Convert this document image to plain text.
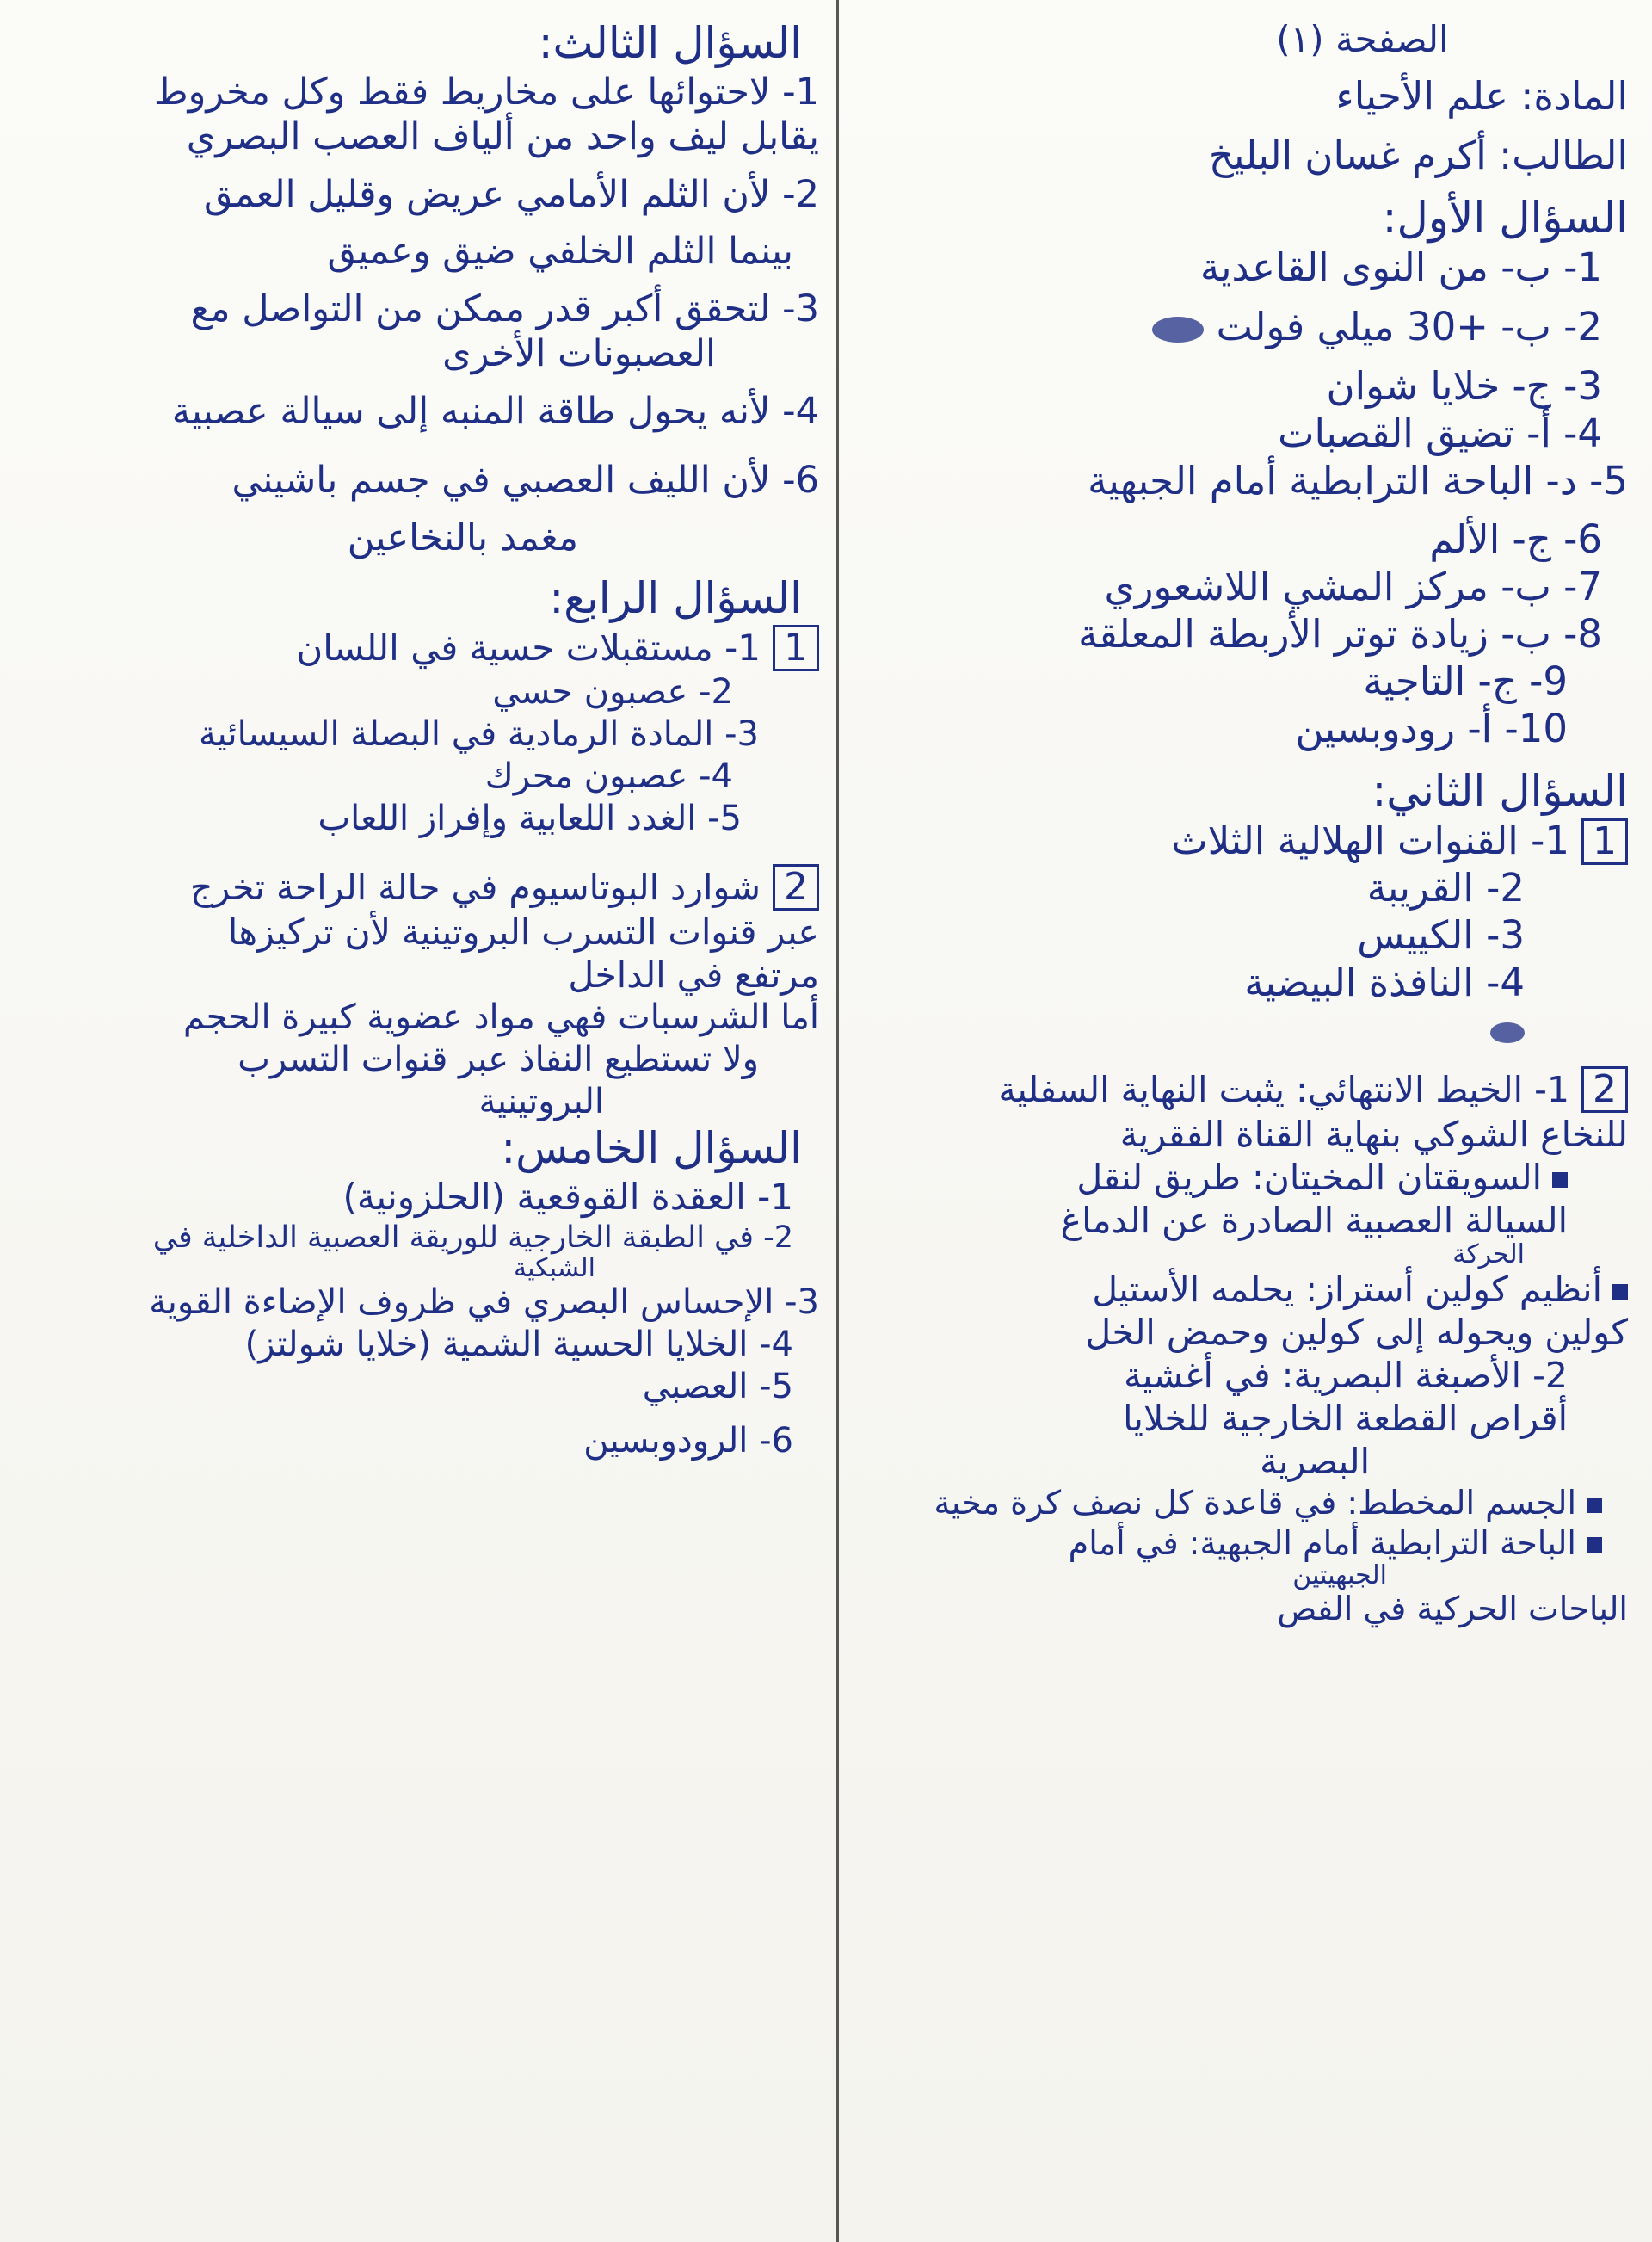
الصفحة (١)
المادة: علم الأحياء
الطالب: أكرم غسان البليخ
السؤال الأول:
1- ب- من النوى القاعدية
2- ب- +30 ميلي فولت
3- ج- خلايا شوان
4- أ- تضيق القصبات
5- د- الباحة الترابطية أمام الجبهية
6- ج- الألم
7- ب- مركز المشي اللاشعوري
8- ب- زيادة توتر الأربطة المعلقة
9- ج- التاجية
10- أ- رودوبسين
السؤال الثاني:
11- القنوات الهلالية الثلاث
2- القريبة
3- الكييس
4- النافذة البيضية
21- الخيط الانتهائي: يثبت النهاية السفلية
للنخاع الشوكي بنهاية القناة الفقرية
السويقتان المخيتان: طريق لنقل
السيالة العصبية الصادرة عن الدماغ
الحركة
أنظيم كولين أستراز: يحلمه الأستيل
كولين ويحوله إلى كولين وحمض الخل
2- الأصبغة البصرية: في أغشية
أقراص القطعة الخارجية للخلايا
البصرية
الجسم المخطط: في قاعدة كل نصف كرة مخية
الباحة الترابطية أمام الجبهية: في أمام
الجبهيتين
الباحات الحركية في الفص
السؤال الثالث:
1- لاحتوائها على مخاريط فقط وكل مخروط
يقابل ليف واحد من ألياف العصب البصري
2- لأن الثلم الأمامي عريض وقليل العمق
بينما الثلم الخلفي ضيق وعميق
3- لتحقق أكبر قدر ممكن من التواصل مع
العصبونات الأخرى
4- لأنه يحول طاقة المنبه إلى سيالة عصبية
6- لأن الليف العصبي في جسم باشيني
مغمد بالنخاعين
السؤال الرابع:
11- مستقبلات حسية في اللسان
2- عصبون حسي
3- المادة الرمادية في البصلة السيسائية
4- عصبون محرك
5- الغدد اللعابية وإفراز اللعاب
2شوارد البوتاسيوم في حالة الراحة تخرج
عبر قنوات التسرب البروتينية لأن تركيزها
مرتفع في الداخل
أما الشرسبات فهي مواد عضوية كبيرة الحجم
ولا تستطيع النفاذ عبر قنوات التسرب
البروتينية
السؤال الخامس:
1- العقدة القوقعية (الحلزونية)
2- في الطبقة الخارجية للوريقة العصبية الداخلية في
الشبكية
3- الإحساس البصري في ظروف الإضاءة القوية
4- الخلايا الحسية الشمية (خلايا شولتز)
5- العصبي
6- الرودوبسين
